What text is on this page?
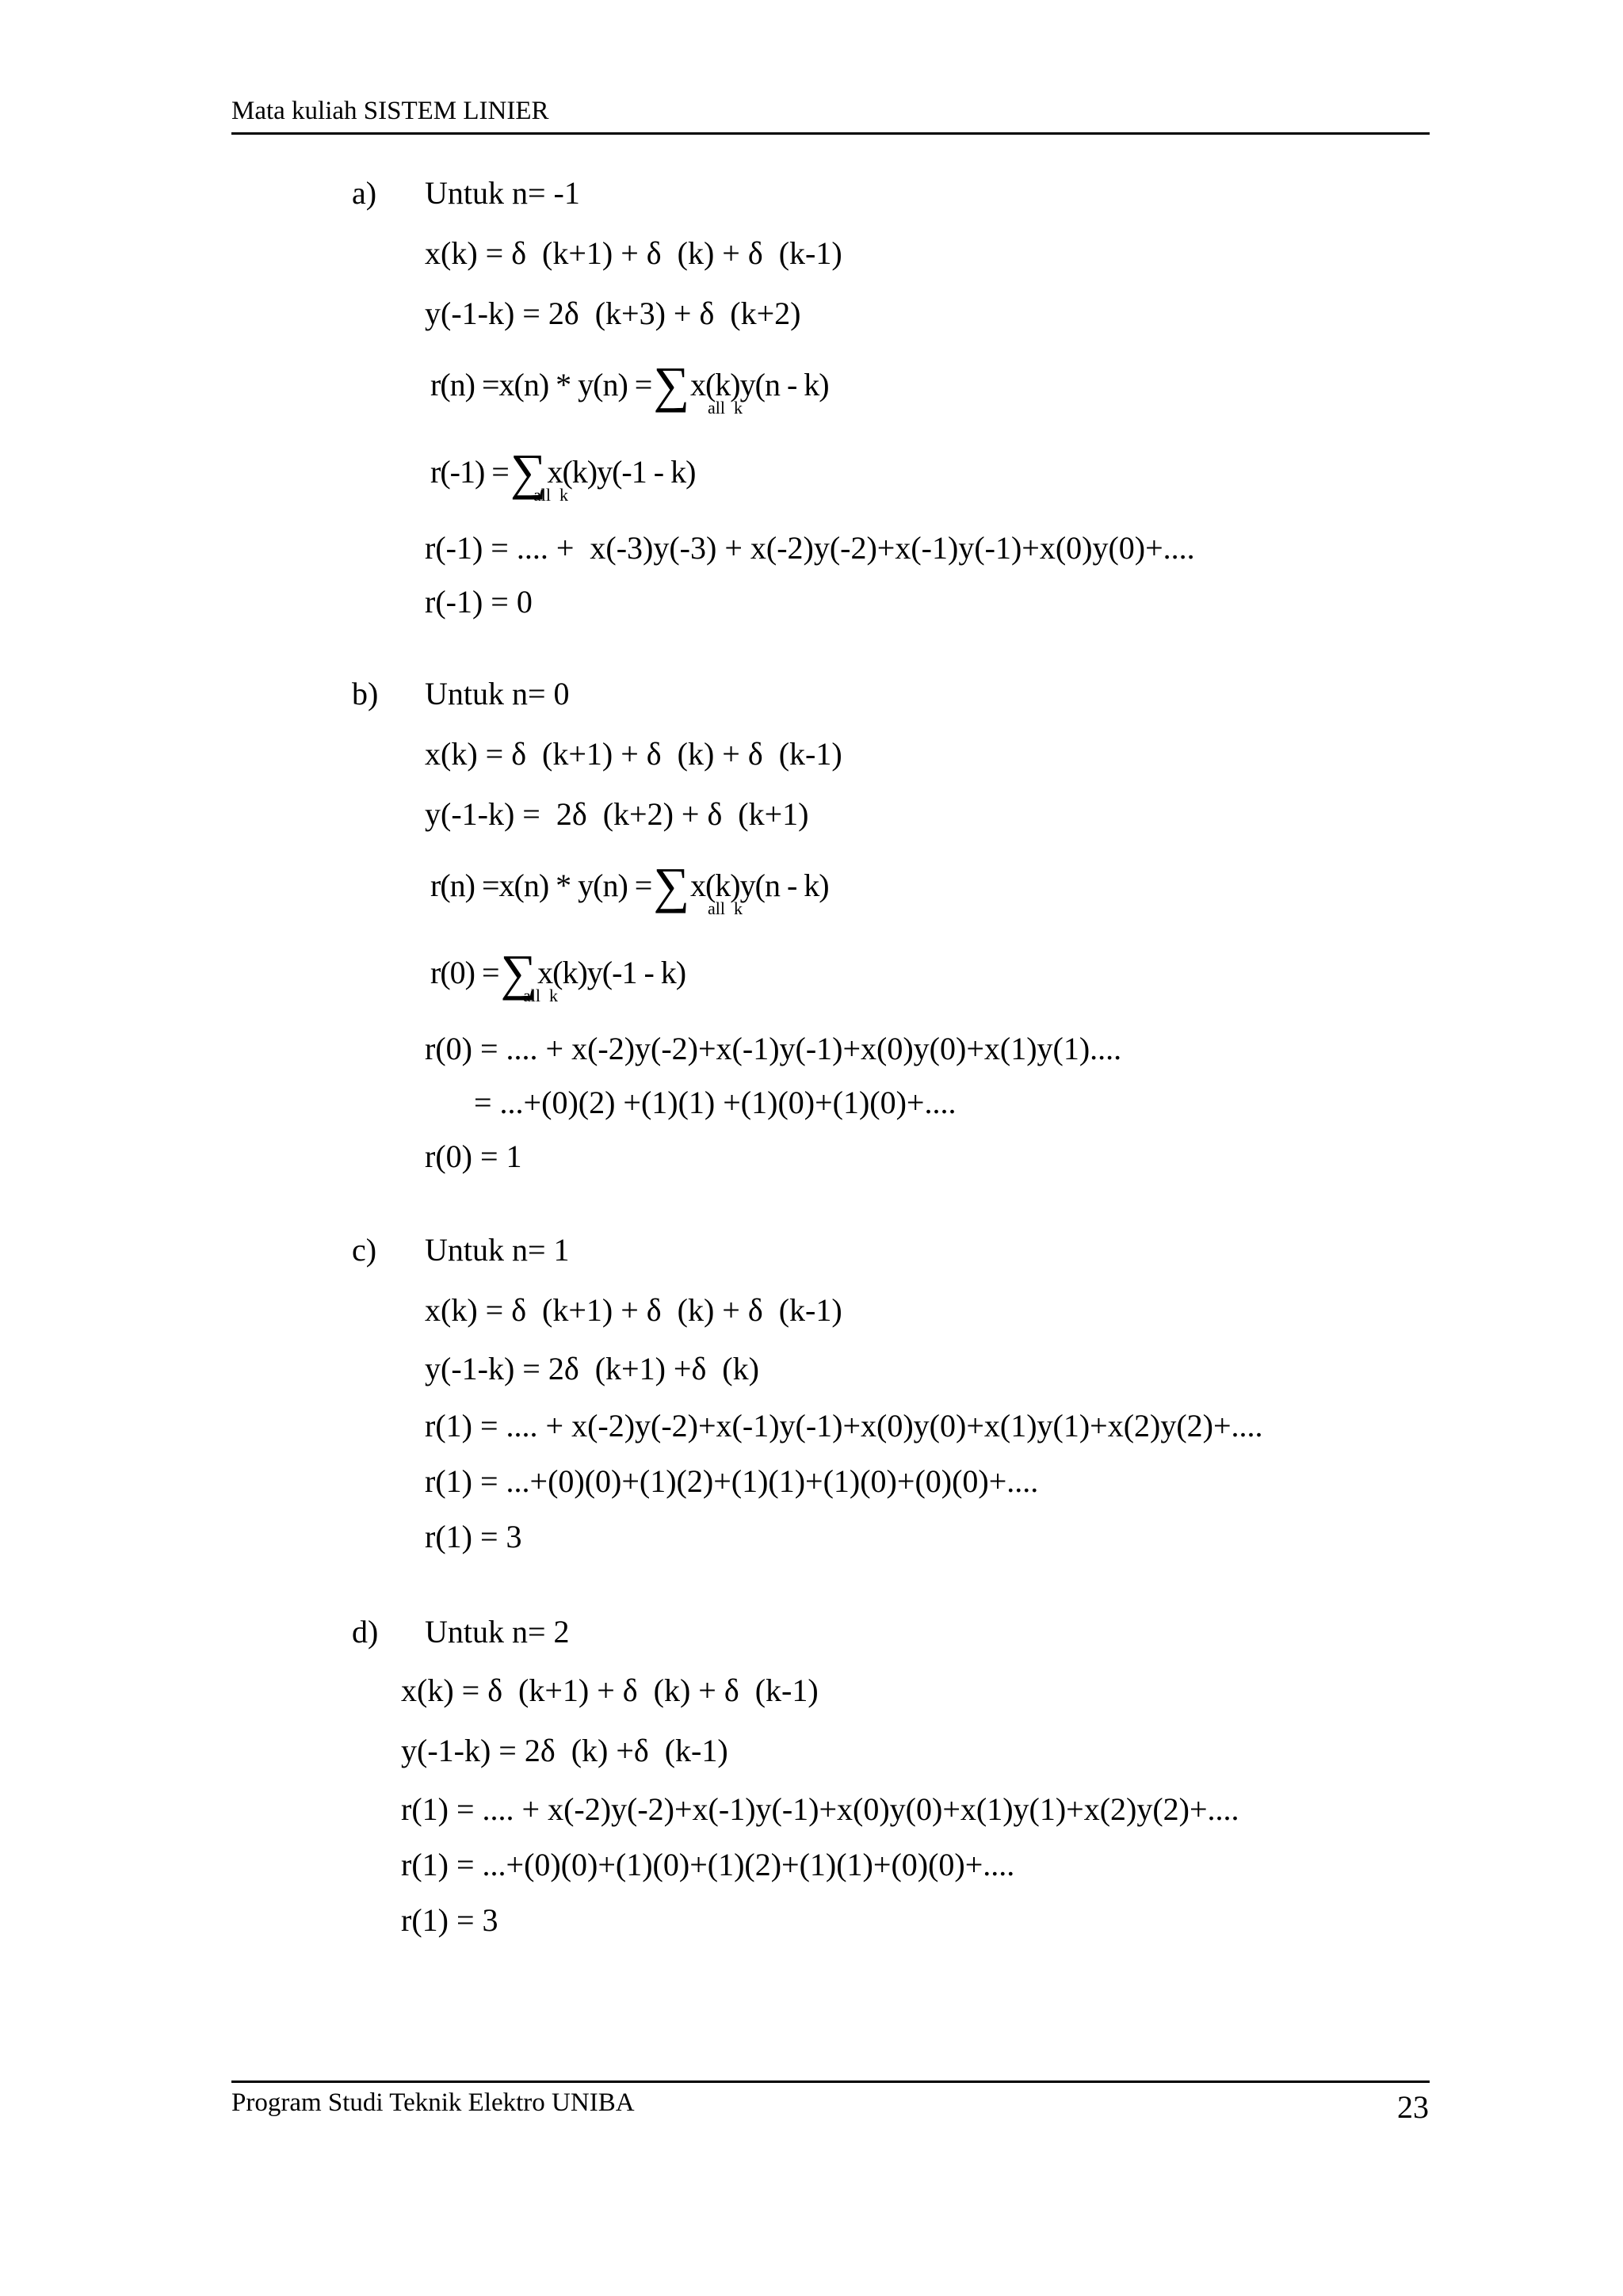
Mata kuliah SISTEM LINIER
a) Untuk n= -1
x(k) = δ  (k+1) + δ  (k) + δ  (k-1)
y(-1-k) = 2δ  (k+3) + δ  (k+2)
r(n) =x(n) * y(n) =∑x(k)y(n - k)
all  k
r(-1) =∑x(k)y(-1 - k)
all  k
r(-1) = .... +  x(-3)y(-3) + x(-2)y(-2)+x(-1)y(-1)+x(0)y(0)+....
r(-1) = 0
b) Untuk n= 0
x(k) = δ  (k+1) + δ  (k) + δ  (k-1)
y(-1-k) =  2δ  (k+2) + δ  (k+1)
r(n) =x(n) * y(n) =∑x(k)y(n - k)
all  k
r(0) =∑x(k)y(-1 - k)
all  k
r(0) = .... + x(-2)y(-2)+x(-1)y(-1)+x(0)y(0)+x(1)y(1)....
= ...+(0)(2) +(1)(1) +(1)(0)+(1)(0)+....
r(0) = 1
c) Untuk n= 1
x(k) = δ  (k+1) + δ  (k) + δ  (k-1)
y(-1-k) = 2δ  (k+1) +δ  (k)
r(1) = .... + x(-2)y(-2)+x(-1)y(-1)+x(0)y(0)+x(1)y(1)+x(2)y(2)+....
r(1) = ...+(0)(0)+(1)(2)+(1)(1)+(1)(0)+(0)(0)+....
r(1) = 3
d) Untuk n= 2
x(k) = δ  (k+1) + δ  (k) + δ  (k-1)
y(-1-k) = 2δ  (k) +δ  (k-1)
r(1) = .... + x(-2)y(-2)+x(-1)y(-1)+x(0)y(0)+x(1)y(1)+x(2)y(2)+....
r(1) = ...+(0)(0)+(1)(0)+(1)(2)+(1)(1)+(0)(0)+....
r(1) = 3
Program Studi Teknik Elektro UNIBA	23
